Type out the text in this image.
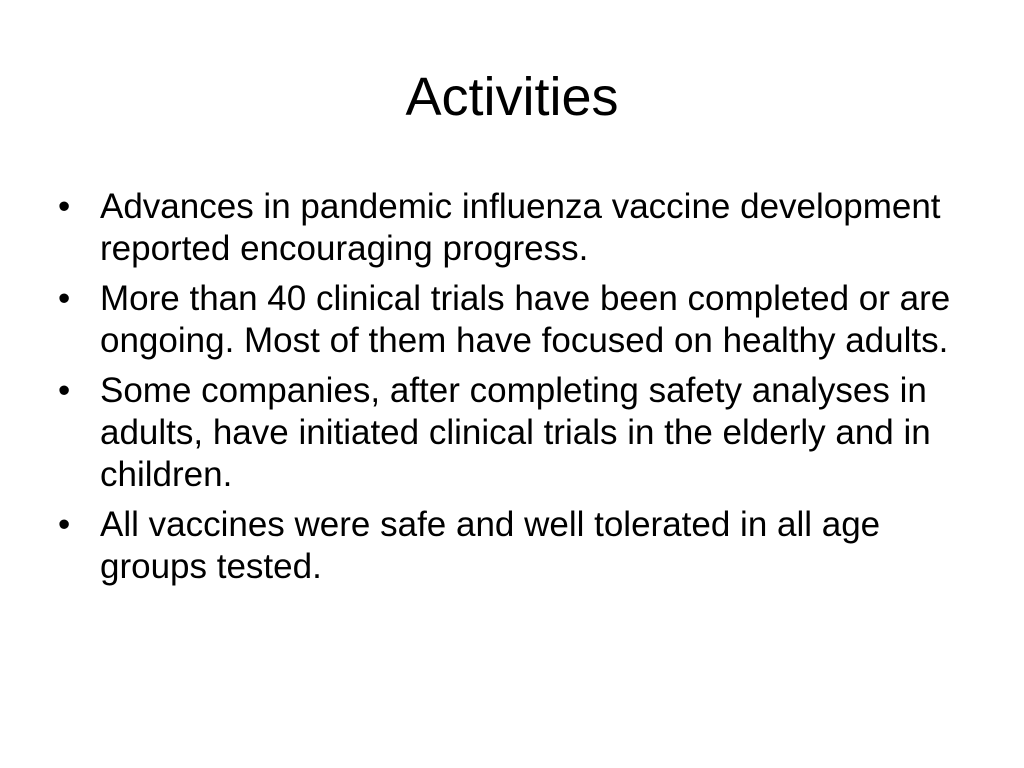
Activities
• Advances in pandemic influenza vaccine development reported encouraging progress.
• More than 40 clinical trials have been completed or are ongoing. Most of them have focused on healthy adults.
• Some companies, after completing safety analyses in adults, have initiated clinical trials in the elderly and in children.
• All vaccines were safe and well tolerated in all age groups tested.
